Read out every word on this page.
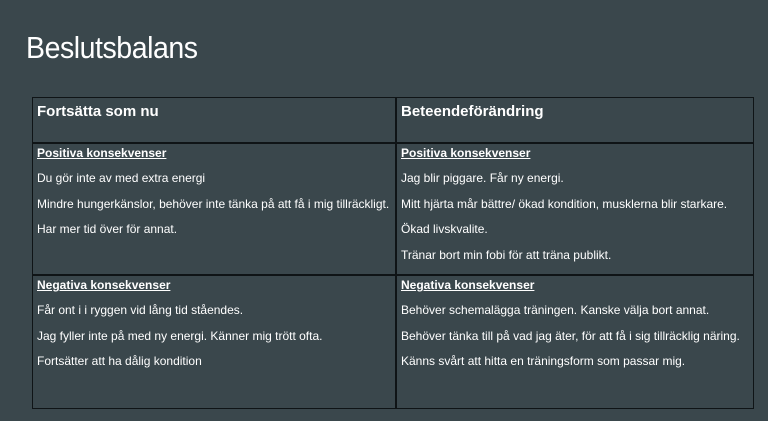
Beslutsbalans
Fortsätta som nu	Beteendeförändring
Positiva konsekvenser
Du gör inte av med extra energi
Mindre hungerkänslor, behöver inte tänka på att få i mig tillräckligt.
Har mer tid över för annat.
Positiva konsekvenser
Jag blir piggare. Får ny energi.
Mitt hjärta mår bättre/ ökad kondition, musklerna blir starkare.
Ökad livskvalite.
Tränar bort min fobi för att träna publikt.
Negativa konsekvenser
Får ont i i ryggen vid lång tid ståendes.
Jag fyller inte på med ny energi. Känner mig trött ofta.
Fortsätter att ha dålig kondition
Negativa konsekvenser
Behöver schemalägga träningen. Kanske välja bort annat.
Behöver tänka till på vad jag äter, för att få i sig tillräcklig näring.
Känns svårt att hitta en träningsform som passar mig.
